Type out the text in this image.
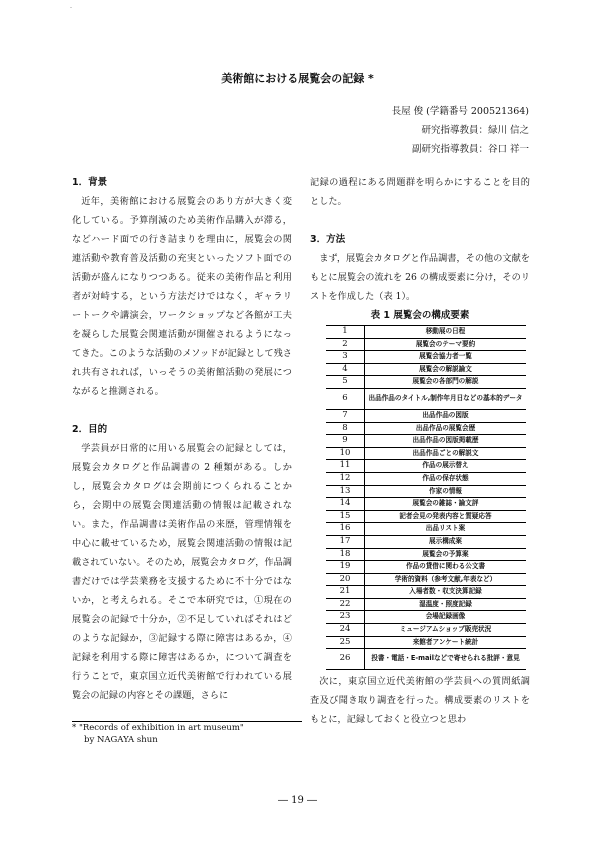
-
美術館における展覧会の記録 *
長屋 俊 (学籍番号 200521364)
研究指導教員：緑川 信之
副研究指導教員：谷口 祥一
1．背景

近年，美術館における展覧会のあり方が大きく変化している。予算削減のため美術作品購入が滞る，などハード面での行き詰まりを理由に，展覧会の関連活動や教育普及活動の充実といったソフト面での活動が盛んになりつつある。従来の美術作品と利用者が対峙する，という方法だけではなく，ギャラリートークや講演会，ワークショップなど各館が工夫を凝らした展覧会関連活動が開催されるようになってきた。このような活動のメソッドが記録として残され共有されれば，いっそうの美術館活動の発展につながると推測される。

2．目的

学芸員が日常的に用いる展覧会の記録としては，展覧会カタログと作品調書の 2 種類がある。しかし，展覧会カタログは会期前につくられることから，会期中の展覧会関連活動の情報は記載されない。また，作品調書は美術作品の来歴，管理情報を中心に載せているため，展覧会関連活動の情報は記載されていない。そのため，展覧会カタログ，作品調書だけでは学芸業務を支援するために不十分ではないか，と考えられる。そこで本研究では，①現在の展覧会の記録で十分か，②不足していればそれはどのような記録か，③記録する際に障害はあるか，④記録を利用する際に障害はあるか，について調査を行うことで，東京国立近代美術館で行われている展覧会の記録の内容とその課題，さらに

記録の過程にある問題群を明らかにすることを目的とした。

3．方法

まず，展覧会カタログと作品調書，その他の文献をもとに展覧会の流れを 26 の構成要素に分け，そのリストを作成した（表 1）。

表 1 展覧会の構成要素
1	移動展の日程
2	展覧会のテーマ要約
3	展覧会協力者一覧
4	展覧会の解説論文
5	展覧会の各部門の解説
6	出品作品のタイトル,制作年月日などの基本的データ
7	出品作品の図版
8	出品作品の展覧会歴
9	出品作品の図版掲載歴
10	出品作品ごとの解説文
11	作品の展示替え
12	作品の保存状態
13	作家の情報
14	展覧会の雑誌・論文評
15	記者会見の発表内容と質疑応答
16	出品リスト案
17	展示構成案
18	展覧会の予算案
19	作品の貸借に関わる公文書
20	学術的資料（参考文献,年表など）
21	入場者数・収支決算記録
22	湿温度・照度記録
23	会場記録画像
24	ミュージアムショップ販売状況
25	来館者アンケート統計
26	投書・電話・E-mailなどで寄せられる批評・意見

次に，東京国立近代美術館の学芸員への質問紙調査及び聞き取り調査を行った。構成要素のリストをもとに，記録しておくと役立つと思わ

* "Records of exhibition in art museum"
by NAGAYA shun
― 19 ―
